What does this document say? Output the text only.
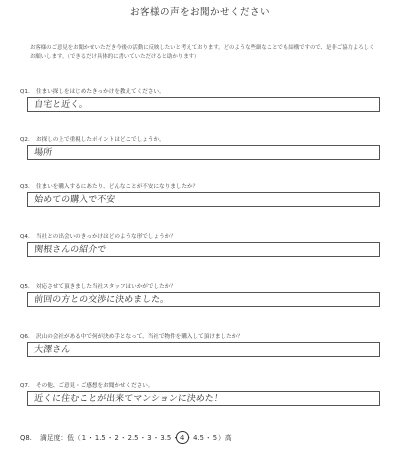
お客様の声をお聞かせください
お客様のご意見をお聞かせいただき今後の活動に反映したいと考えております。どのような些細なことでも結構ですので、是非ご協力よろしくお願いします。（できるだけ具体的に書いていただけると助かります）
Q1. 住まい探しをはじめたきっかけを教えてください。
自宅と近く。
Q2. お探しの上で重視したポイントはどこでしょうか。
場所
Q3. 住まいを購入するにあたり、どんなことが不安になりましたか？
始めての購入で不安
Q4. 当社との出会いのきっかけはどのような形でしょうか？
関根さんの紹介で
Q5. 対応させて頂きました当社スタッフはいかがでしたか？
前回の方との交渉に決めました。
Q6. 沢山の会社がある中で何が決め手となって、当社で物件を購入して頂けましたか？
大澤さん
Q7. その他、ご意見・ご感想をお聞かせください。
近くに住むことが出来てマンションに決めた！
Q8. 満足度：低（1・1.5・2・2.5・3・3.5・4・4.5・5）高
